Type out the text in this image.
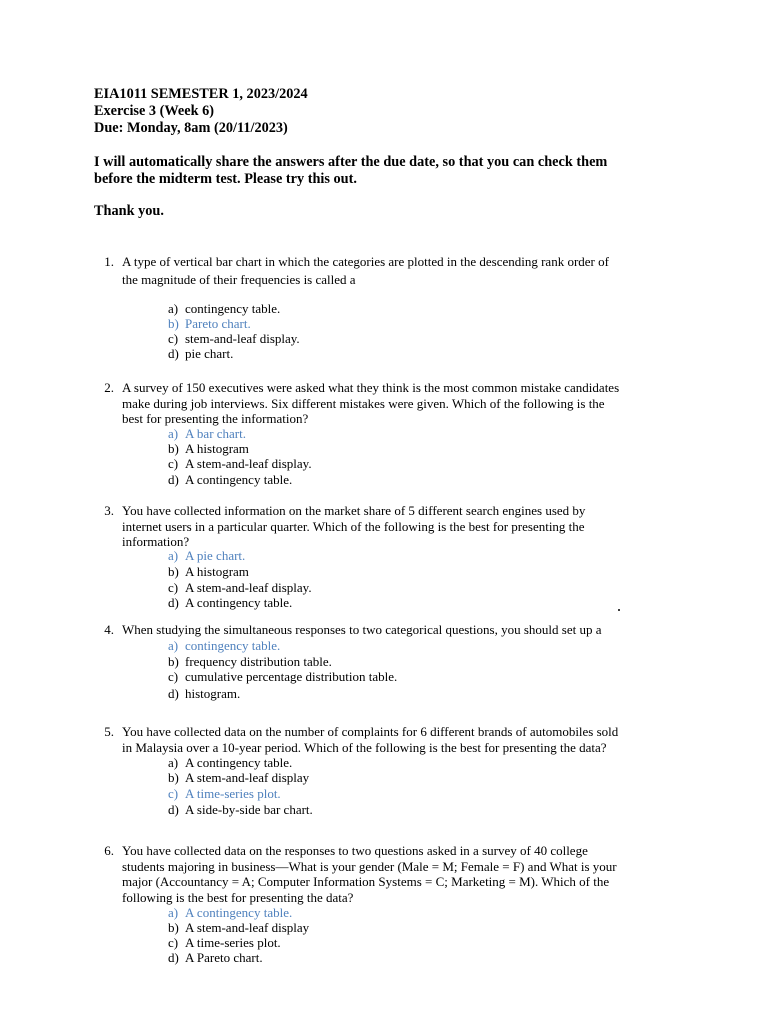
EIA1011 SEMESTER 1, 2023/2024
Exercise 3 (Week 6)
Due: Monday, 8am (20/11/2023)
I will automatically share the answers after the due date, so that you can check them
before the midterm test. Please try this out.
Thank you.
1. A type of vertical bar chart in which the categories are plotted in the descending rank order of
the magnitude of their frequencies is called a
a) contingency table.
b) Pareto chart.
c) stem-and-leaf display.
d) pie chart.
2. A survey of 150 executives were asked what they think is the most common mistake candidates
make during job interviews. Six different mistakes were given. Which of the following is the
best for presenting the information?
a) A bar chart.
b) A histogram
c) A stem-and-leaf display.
d) A contingency table.
3. You have collected information on the market share of 5 different search engines used by
internet users in a particular quarter. Which of the following is the best for presenting the
information?
a) A pie chart.
b) A histogram
c) A stem-and-leaf display.
d) A contingency table.
4. When studying the simultaneous responses to two categorical questions, you should set up a
a) contingency table.
b) frequency distribution table.
c) cumulative percentage distribution table.
d) histogram.
5. You have collected data on the number of complaints for 6 different brands of automobiles sold
in Malaysia over a 10-year period. Which of the following is the best for presenting the data?
a) A contingency table.
b) A stem-and-leaf display
c) A time-series plot.
d) A side-by-side bar chart.
6. You have collected data on the responses to two questions asked in a survey of 40 college
students majoring in business—What is your gender (Male = M; Female = F) and What is your
major (Accountancy = A; Computer Information Systems = C; Marketing = M). Which of the
following is the best for presenting the data?
a) A contingency table.
b) A stem-and-leaf display
c) A time-series plot.
d) A Pareto chart.
